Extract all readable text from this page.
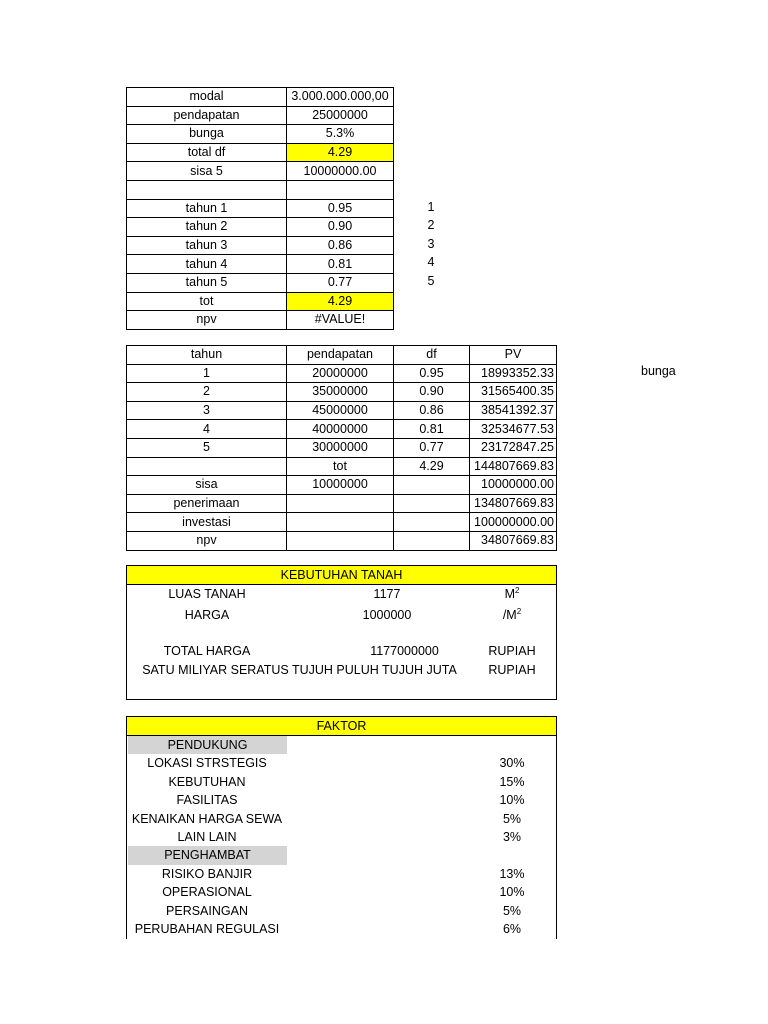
modal	3.000.000.000,00
pendapatan	25000000
bunga	5.3%
total df	4.29
sisa 5	10000000.00

tahun 1	0.95
tahun 2	0.90
tahun 3	0.86
tahun 4	0.81
tahun 5	0.77
tot	4.29
npv	#VALUE!
1
2
3
4
5
tahun	pendapatan	df	PV
1	20000000	0.95	18993352.33
2	35000000	0.90	31565400.35
3	45000000	0.86	38541392.37
4	40000000	0.81	32534677.53
5	30000000	0.77	23172847.25
	tot	4.29	144807669.83
sisa	10000000		10000000.00
penerimaan			134807669.83
investasi			100000000.00
npv			34807669.83
bunga
KEBUTUHAN TANAH
LUAS TANAH	1177	$M^2$
HARGA	1000000	$/M^2$
TOTAL HARGA	1177000000	RUPIAH
SATU MILIYAR SERATUS TUJUH PULUH TUJUH JUTA	RUPIAH
FAKTOR
PENDUKUNG
LOKASI STRSTEGIS	30%
KEBUTUHAN	15%
FASILITAS	10%
KENAIKAN HARGA SEWA	5%
LAIN LAIN	3%
PENGHAMBAT
RISIKO BANJIR	13%
OPERASIONAL	10%
PERSAINGAN	5%
PERUBAHAN REGULASI	6%
